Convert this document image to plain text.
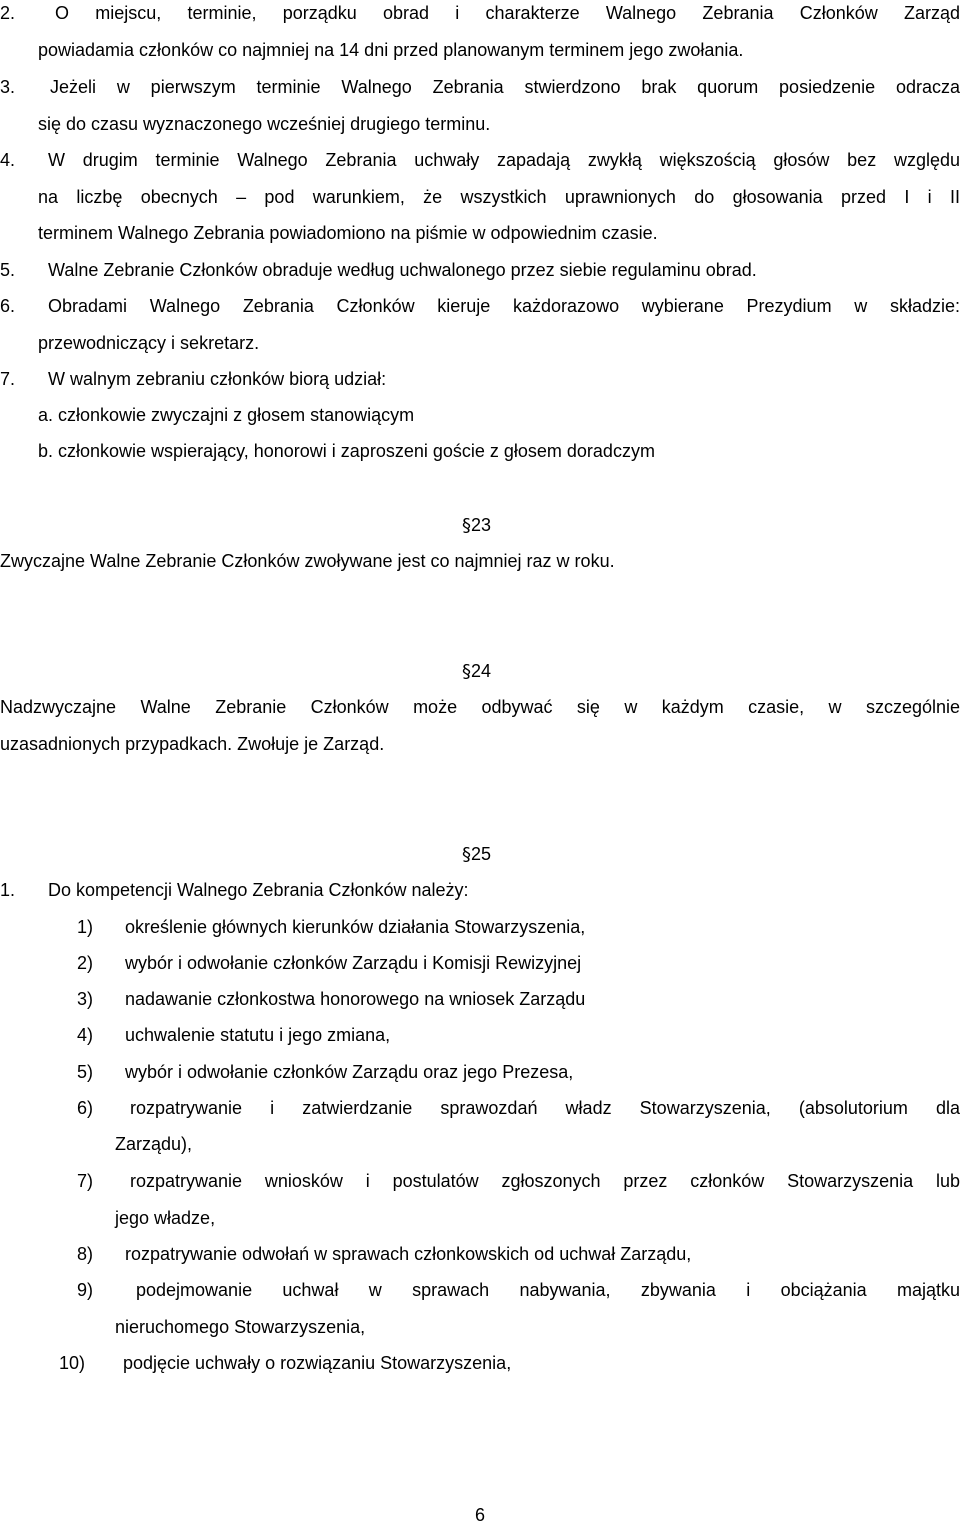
2. O miejscu, terminie, porządku obrad i charakterze Walnego Zebrania Członków Zarząd
powiadamia członków co najmniej na 14 dni przed planowanym terminem jego zwołania.
3. Jeżeli w pierwszym terminie Walnego Zebrania stwierdzono brak quorum posiedzenie odracza
się do czasu wyznaczonego wcześniej drugiego terminu.
4. W drugim terminie Walnego Zebrania uchwały zapadają zwykłą większością głosów bez względu
na liczbę obecnych – pod warunkiem, że wszystkich uprawnionych do głosowania przed I i II
terminem Walnego Zebrania powiadomiono na piśmie w odpowiednim czasie.
5. Walne Zebranie Członków obraduje według uchwalonego przez siebie regulaminu obrad.
6. Obradami Walnego Zebrania Członków kieruje każdorazowo wybierane Prezydium w składzie:
przewodniczący i sekretarz.
7. W walnym zebraniu członków biorą udział:
a. członkowie zwyczajni z głosem stanowiącym
b. członkowie wspierający, honorowi i zaproszeni goście z głosem doradczym
§23
Zwyczajne Walne Zebranie Członków zwoływane jest co najmniej raz w roku.
§24
Nadzwyczajne Walne Zebranie Członków może odbywać się w każdym czasie, w szczególnie
uzasadnionych przypadkach. Zwołuje je Zarząd.
§25
1. Do kompetencji Walnego Zebrania Członków należy:
1) określenie głównych kierunków działania Stowarzyszenia,
2) wybór i odwołanie członków Zarządu i Komisji Rewizyjnej
3) nadawanie członkostwa honorowego na wniosek Zarządu
4) uchwalenie statutu i jego zmiana,
5) wybór i odwołanie członków Zarządu oraz jego Prezesa,
6) rozpatrywanie i zatwierdzanie sprawozdań władz Stowarzyszenia, (absolutorium dla
Zarządu),
7) rozpatrywanie wniosków i postulatów zgłoszonych przez członków Stowarzyszenia lub
jego władze,
8) rozpatrywanie odwołań w sprawach członkowskich od uchwał Zarządu,
9) podejmowanie uchwał w sprawach nabywania, zbywania i obciążania majątku
nieruchomego Stowarzyszenia,
10) podjęcie uchwały o rozwiązaniu Stowarzyszenia,
6
